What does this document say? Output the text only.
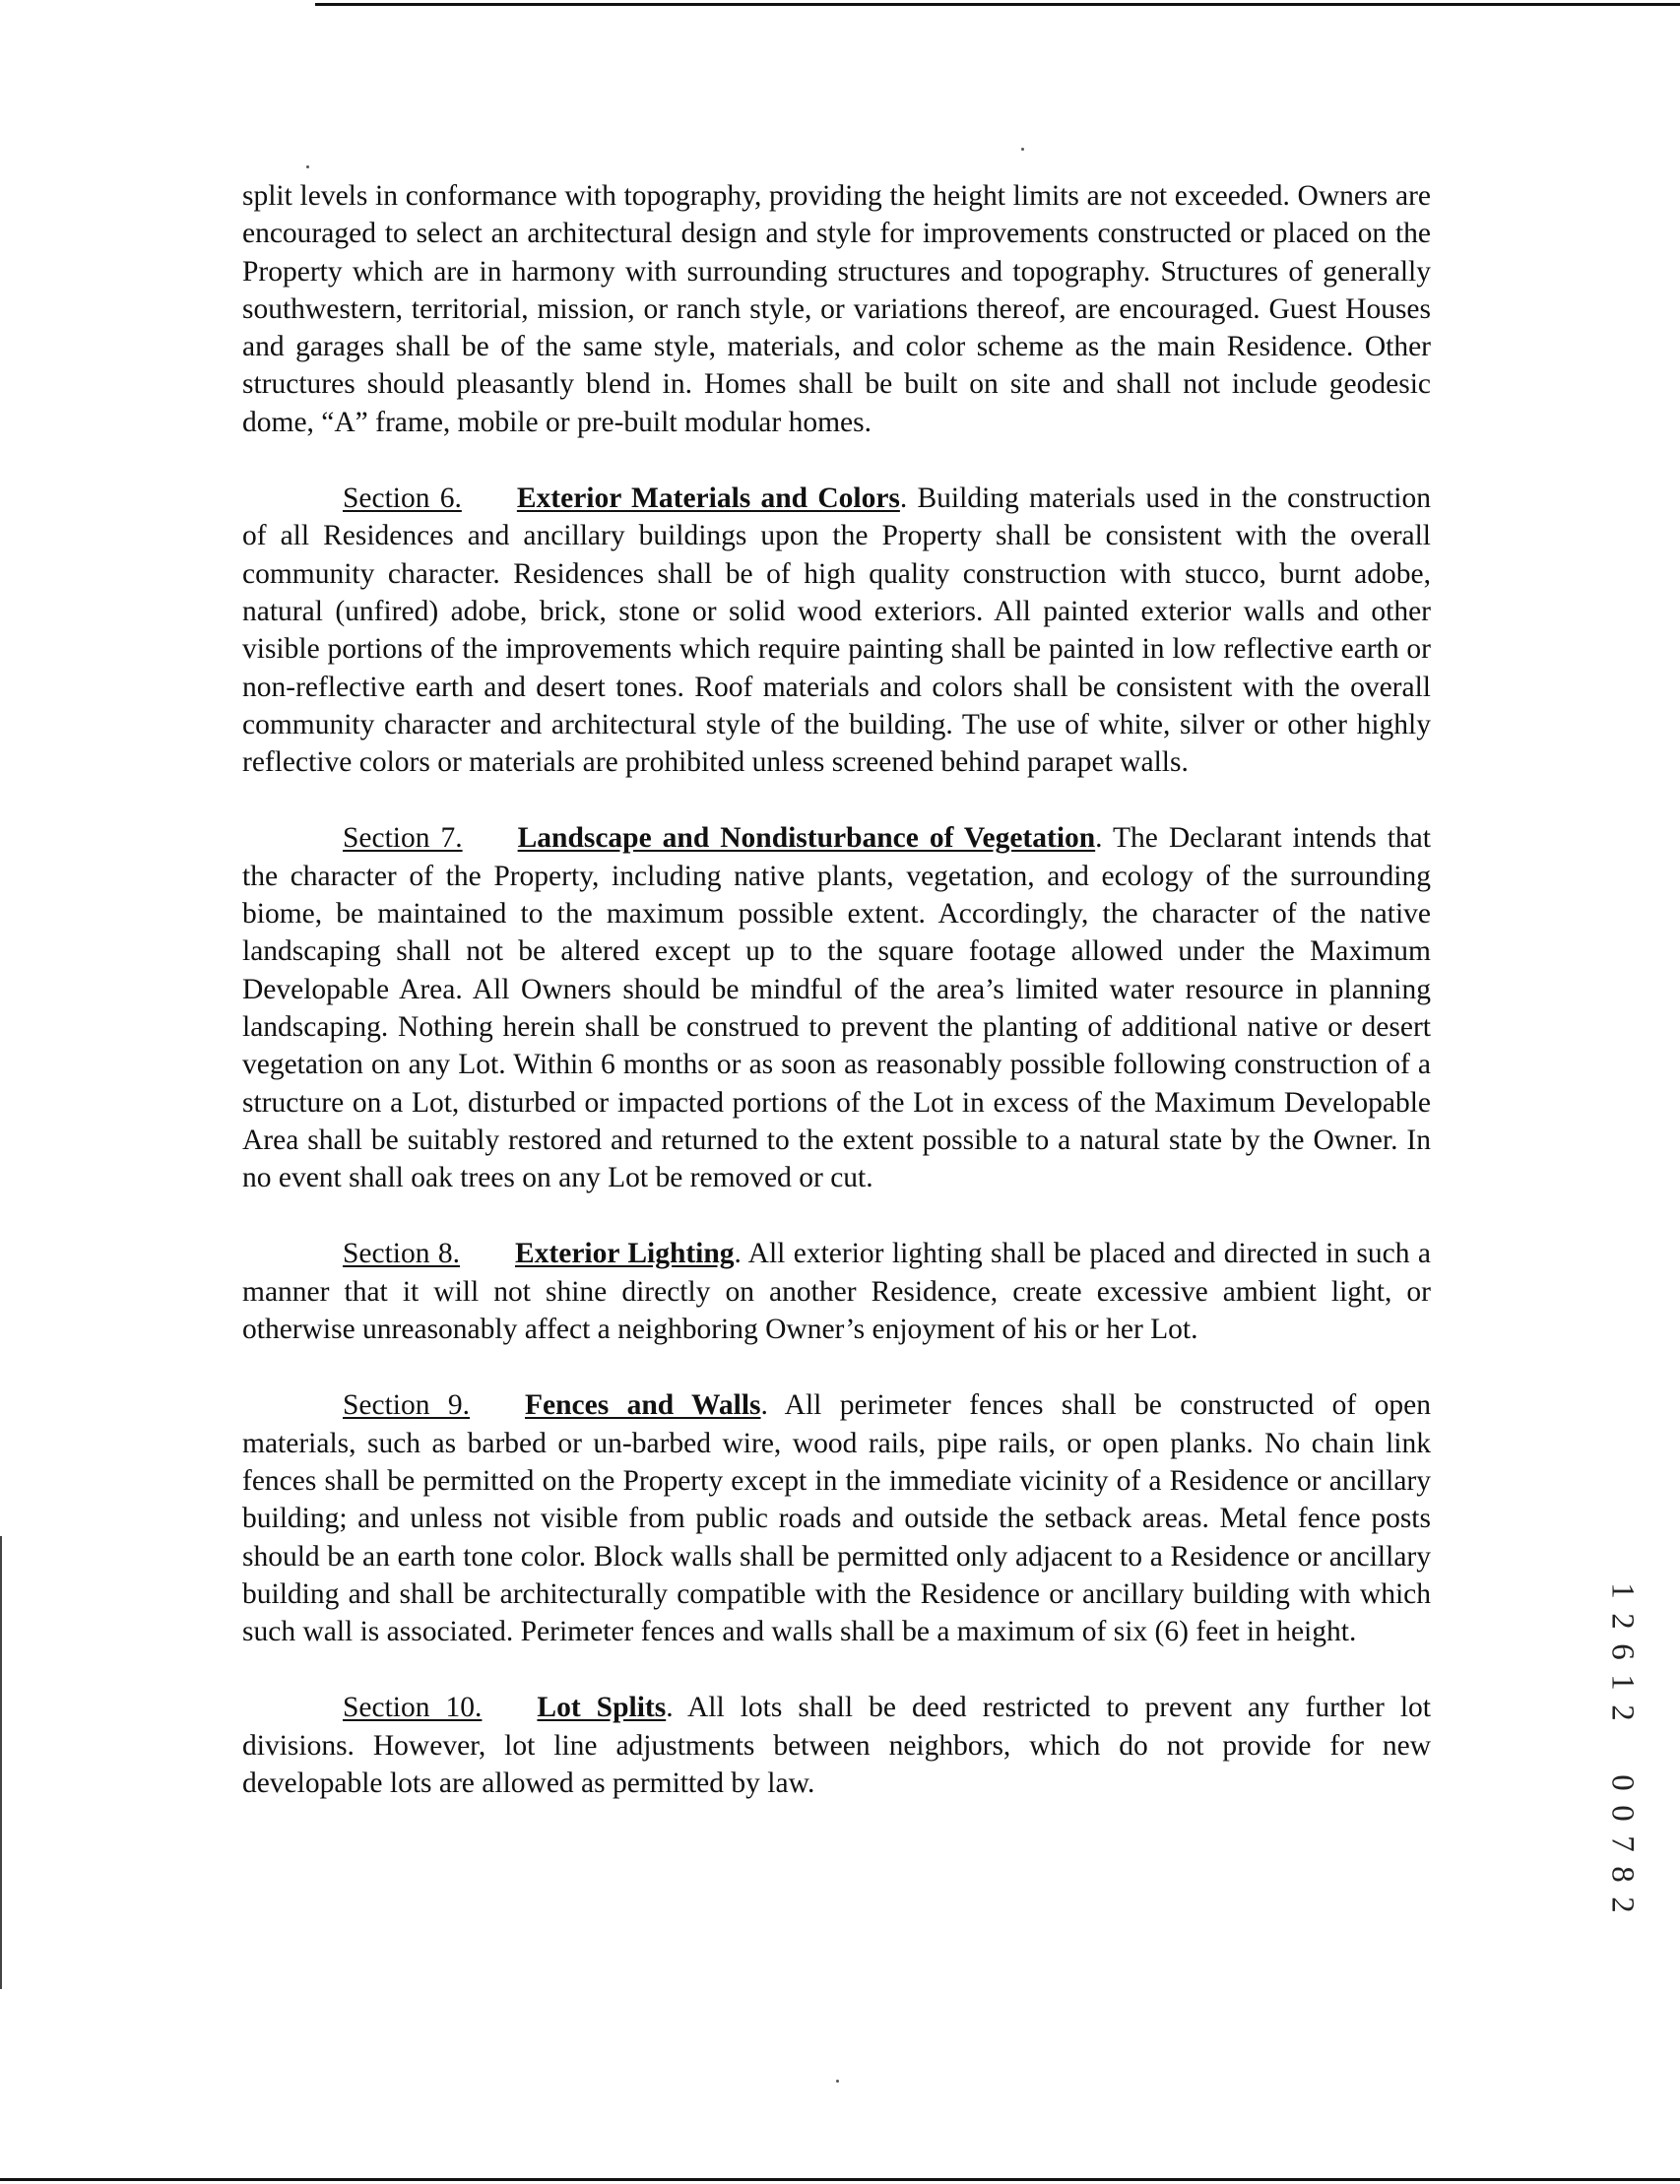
split levels in conformance with topography, providing the height limits are not exceeded. Owners are encouraged to select an architectural design and style for improvements constructed or placed on the Property which are in harmony with surrounding structures and topography. Structures of generally southwestern, territorial, mission, or ranch style, or variations thereof, are encouraged. Guest Houses and garages shall be of the same style, materials, and color scheme as the main Residence. Other structures should pleasantly blend in. Homes shall be built on site and shall not include geodesic dome, “A” frame, mobile or pre-built modular homes.

Section 6. Exterior Materials and Colors. Building materials used in the construction of all Residences and ancillary buildings upon the Property shall be consistent with the overall community character. Residences shall be of high quality construction with stucco, burnt adobe, natural (unfired) adobe, brick, stone or solid wood exteriors. All painted exterior walls and other visible portions of the improvements which require painting shall be painted in low reflective earth or non-reflective earth and desert tones. Roof materials and colors shall be consistent with the overall community character and architectural style of the building. The use of white, silver or other highly reflective colors or materials are prohibited unless screened behind parapet walls.

Section 7. Landscape and Nondisturbance of Vegetation. The Declarant intends that the character of the Property, including native plants, vegetation, and ecology of the surrounding biome, be maintained to the maximum possible extent. Accordingly, the character of the native landscaping shall not be altered except up to the square footage allowed under the Maximum Developable Area. All Owners should be mindful of the area’s limited water resource in planning landscaping. Nothing herein shall be construed to prevent the planting of additional native or desert vegetation on any Lot. Within 6 months or as soon as reasonably possible following construction of a structure on a Lot, disturbed or impacted portions of the Lot in excess of the Maximum Developable Area shall be suitably restored and returned to the extent possible to a natural state by the Owner. In no event shall oak trees on any Lot be removed or cut.

Section 8. Exterior Lighting. All exterior lighting shall be placed and directed in such a manner that it will not shine directly on another Residence, create excessive ambient light, or otherwise unreasonably affect a neighboring Owner’s enjoyment of his or her Lot.

Section 9. Fences and Walls. All perimeter fences shall be constructed of open materials, such as barbed or un-barbed wire, wood rails, pipe rails, or open planks. No chain link fences shall be permitted on the Property except in the immediate vicinity of a Residence or ancillary building; and unless not visible from public roads and outside the setback areas. Metal fence posts should be an earth tone color. Block walls shall be permitted only adjacent to a Residence or ancillary building and shall be architecturally compatible with the Residence or ancillary building with which such wall is associated. Perimeter fences and walls shall be a maximum of six (6) feet in height.

Section 10. Lot Splits. All lots shall be deed restricted to prevent any further lot divisions. However, lot line adjustments between neighbors, which do not provide for new developable lots are allowed as permitted by law.

1
2
6
1
2
0
0
7
8
2
